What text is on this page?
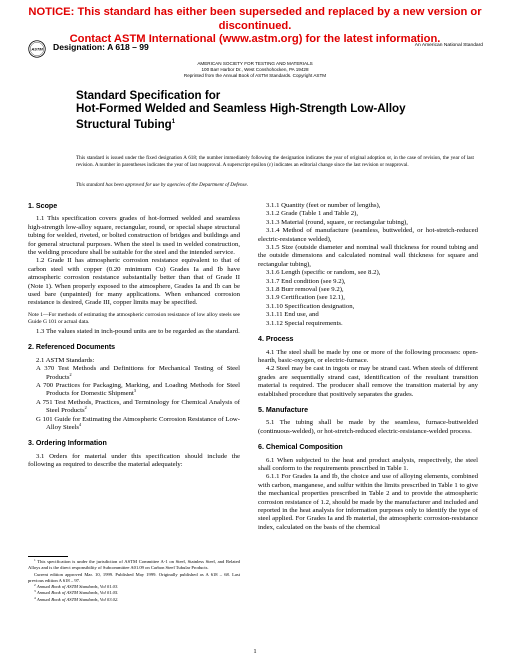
NOTICE: This standard has either been superseded and replaced by a new version or discontinued.
Contact ASTM International (www.astm.org) for the latest information.
ASTM Designation: A 618 – 99	An American National Standard
AMERICAN SOCIETY FOR TESTING AND MATERIALS
100 Barr Harbor Dr., West Conshohocken, PA 19428
Reprinted from the Annual Book of ASTM Standards. Copyright ASTM
Standard Specification for
Hot-Formed Welded and Seamless High-Strength Low-Alloy
Structural Tubing$^1$
This standard is issued under the fixed designation A 618; the number immediately following the designation indicates the year of original adoption or, in the case of revision, the year of last revision. A number in parentheses indicates the year of last reapproval. A superscript epsilon (ε) indicates an editorial change since the last revision or reapproval.
This standard has been approved for use by agencies of the Department of Defense.
1. Scope

1.1 This specification covers grades of hot-formed welded and seamless high-strength low-alloy square, rectangular, round, or special shape structural tubing for welded, riveted, or bolted construction of bridges and buildings and for general structural purposes. When the steel is used in welded construction, the welding procedure shall be suitable for the steel and the intended service.

1.2 Grade II has atmospheric corrosion resistance equivalent to that of carbon steel with copper (0.20 minimum Cu) Grades Ia and Ib have atmospheric corrosion resistance substantially better than that of Grade II (Note 1). When properly exposed to the atmosphere, Grades Ia and Ib can be used bare (unpainted) for many applications. When enhanced corrosion resistance is desired, Grade III, copper limits may be specified.

Note 1—For methods of estimating the atmospheric corrosion resistance of low alloy steels see Guide G 101 or actual data.

1.3 The values stated in inch-pound units are to be regarded as the standard.

2. Referenced Documents

2.1 ASTM Standards:

A 370 Test Methods and Definitions for Mechanical Testing of Steel Products$^2$
A 700 Practices for Packaging, Marking, and Loading Methods for Steel Products for Domestic Shipment$^3$
A 751 Test Methods, Practices, and Terminology for Chemical Analysis of Steel Products$^2$
G 101 Guide for Estimating the Atmospheric Corrosion Resistance of Low-Alloy Steels$^4$
3. Ordering Information

3.1 Orders for material under this specification should include the following as required to describe the material adequately:

$^1$ This specification is under the jurisdiction of ASTM Committee A-1 on Steel, Stainless Steel, and Related Alloys and is the direct responsibility of Subcommittee A01.09 on Carbon Steel Tubular Products.

Current edition approved Mar. 10, 1999. Published May 1999. Originally published as A 618 – 68. Last previous edition A 618 – 97.

$^2$ Annual Book of ASTM Standards, Vol 01.03.

$^3$ Annual Book of ASTM Standards, Vol 01.05.

$^4$ Annual Book of ASTM Standards, Vol 03.02.

3.1.1 Quantity (feet or number of lengths),

3.1.2 Grade (Table 1 and Table 2),

3.1.3 Material (round, square, or rectangular tubing),

3.1.4 Method of manufacture (seamless, buttwelded, or hot-stretch-reduced electric-resistance welded),

3.1.5 Size (outside diameter and nominal wall thickness for round tubing and the outside dimensions and calculated nominal wall thickness for square and rectangular tubing),

3.1.6 Length (specific or random, see 8.2),

3.1.7 End condition (see 9.2),

3.1.8 Burr removal (see 9.2),

3.1.9 Certification (see 12.1),

3.1.10 Specification designation,

3.1.11 End use, and

3.1.12 Special requirements.

4. Process

4.1 The steel shall be made by one or more of the following processes: open-hearth, basic-oxygen, or electric-furnace.

4.2 Steel may be cast in ingots or may be strand cast. When steels of different grades are sequentially strand cast, identification of the resultant transition material is required. The producer shall remove the transition material by any established procedure that positively separates the grades.

5. Manufacture

5.1 The tubing shall be made by the seamless, furnace-buttwelded (continuous-welded), or hot-stretch-reduced electric-resistance-welded process.

6. Chemical Composition

6.1 When subjected to the heat and product analysis, respectively, the steel shall conform to the requirements prescribed in Table 1.

6.1.1 For Grades Ia and Ib, the choice and use of alloying elements, combined with carbon, manganese, and sulfur within the limits prescribed in Table 1 to give the mechanical properties prescribed in Table 2 and to provide the atmospheric corrosion resistance of 1.2, should be made by the manufacturer and included and reported in the heat analysis for information purposes only to identify the type of steel applied. For Grades Ia and Ib material, the atmospheric corrosion-resistance index, calculated on the basis of the chemical

1
